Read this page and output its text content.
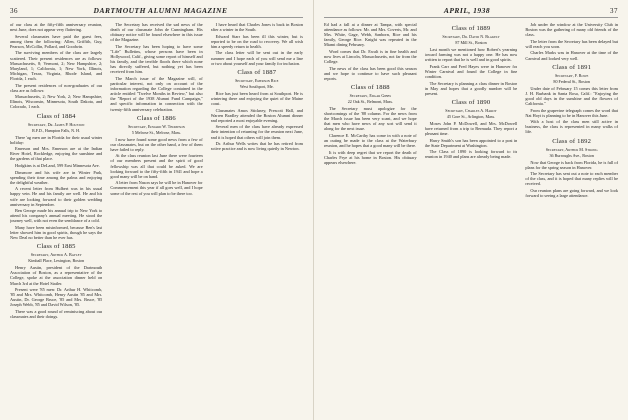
36	DARTMOUTH ALUMNI MAGAZINE

of our class at the fifty-fifth anniversary reunion, next June, does not appear very flattering.

Several classmates have paid the guest fees, among them the following: Allen, Griffith, Guy, Pearson, McCollin, Pollard, and Goodwin.

The surviving members of the class are largely scattered. Their present residences are as follows: Massachusetts, 8; Vermont, 2; New Hampshire, 2; Maryland, 1; California, 1; New York, Illinois, Michigan, Texas, Virginia, Rhode Island, and Florida, 1 each.

The present residences of non-graduates of our class are as follows:

Massachusetts, 2; New York, 2; New Hampshire, Illinois, Wisconsin, Minnesota, South Dakota, and Colorado, 1 each.

Class of 1884
Secretary, Dr. James P. Houston
R.F.D., Hampton Falls, N. H.

There 'ag men are in Florida for their usual winter holiday:

Emerson and Mrs. Emerson are at the Indian River Hotel, Rockledge, enjoying the sunshine and the gardens of that place.

Hodgkins is at DeLand, 599 East Minnesota Ave.

Dinsmore and his wife are in Winter Park, spending their time among the palms and enjoying the delightful weather.

A recent letter from Hulbert was in his usual happy vein. He and his family are well. He and his wife are looking forward to their golden wedding anniversary in September.

Ben George made his annual trip to New York to attend his company's annual meeting. He stood the journey well, with not even the semblance of a cold.

Many have been misinformed, because Ben's last letter showed him in good spirits, though he says the New Deal no better than he ever has.

Class of 1885
Secretary, Arthur A. Bayley
Kimball Place, Lexington, Boston

Henry Austin, president of the Dartmouth Association of Boston, as a representative of the College, spoke at the association dinner held on March 3rd at the Hotel Statler.

Present were '85 men: Dr. Arthur H. Whitcomb, '85 and Mrs. Whitcomb, Henry Austin '85 and Mrs. Austin, Dr. George Bruce, '85 and Mrs. Bruce, '85 Joseph Webb, '85 and David Wilson, '85.

There was a good round of reminiscing about our classmates and their doings.

The Secretary has received the sad news of the death of our classmate John de Cunningham. His obituary notice will be found elsewhere in this issue of the Magazine.

The Secretary has been hoping to have some "Life" Bulletins, whose persons have been in Hollywood, Calif., giving some report of himself and his family, and the terrible floods there which none has directly suffered, but nothing yet has been received from him.

The March issue of the Magazine will, of particular interest, not only on account of the information regarding the College contained in the article entitled "Twelve Months in Review," but also the "Report of the 1938 Alumni Fund Campaign," and specific information in connection with the twenty-fifth anniversary celebration.

Class of 1886
Secretary, Edward W. Thompson
5 Melrose St., Melrose, Mass.

I now have found some good news from a few of our classmates, but on the other hand, a few of them have failed to reply.

At the class reunion last June there were fourteen of our members present and the spirit of good fellowship was all that could be asked. We are looking forward to the fifty-fifth in 1941 and hope a good many will be on hand.

A letter from Nason says he will be in Hanover for Commencement this year if all goes well, and I hope some of the rest of you will plan to be there too.

I have heard that Charles Jones is back in Boston after a winter in the South.

Edward Starr has been ill this winter, but is reported to be on the road to recovery. We all wish him a speedy return to health.

The class letter will be sent out in the early summer and I hope each of you will send me a line or two about yourself and your family for inclusion.

Class of 1887
Secretary, Emerson Rice
West Southport, Me.

Rice has just been heard from at Southport. He is wintering there and enjoying the quiet of the Maine coast.

Classmates Amos Stickney, Prescott Hall, and Warren Bradley attended the Boston Alumni dinner and reported a most enjoyable evening.

Several men of the class have already expressed their intention of returning for the reunion next June, and it is hoped that others will join them.

Dr. Arthur Wells writes that he has retired from active practice and is now living quietly in Newton.

APRIL, 1938	37

Ed had a fall at a dinner at Tampa, with special attendance as follows: Mr. and Mrs. Coveris, Mr. and Mrs. White, Gage, Webb, Sanborn, Rice and his family, George Rice. Knight was repeated in the Miami dining February.

Word comes that Dr. Ewalt is in fine health and now lives at Lincoln, Massachusetts, not far from the College.

The news of the class has been good this season and we hope to continue to have such pleasant reports.

Class of 1888
Secretary, Edgar Gibbs
22 Oak St., Belmont, Mass.

The Secretary must apologize for the shortcomings of the '88 column. For the news from the March issue has been very scant, and we hope that men who have news of any sort will send it along for the next issue.

Clarence E. McCarthy has come in with a note of an outing he made to the class at the Waterbury reunion, and he hopes that a good many will be there.

It is with deep regret that we report the death of Charles Frye at his home in Boston. His obituary appears elsewhere.

Class of 1889
Secretary, Dr. David N. Blakely
87 Mill St., Boston

Last month we mentioned how Robert's yearning toward farming was not a happy one. He has now written to report that he is well and in good spirits.

Frank Carr and Fred Hayes were in Hanover for Winter Carnival and found the College in fine condition.

The Secretary is planning a class dinner in Boston in May and hopes that a goodly number will be present.

Class of 1890
Secretary, Charles A. Hardy
45 Gore St., Arlington, Mass.

Moses John P. McDowell, and Mrs. McDowell have returned from a trip to Bermuda. They report a pleasant time.

Harry Smith's son has been appointed to a post in the State Department at Washington.

The Class of 1890 is looking forward to its reunion in 1940 and plans are already being made.

Job under the window at the University Club in Boston was the gathering of many old friends of the class.

The letter from the Secretary has been delayed but will reach you soon.

Charles Marks was in Hanover at the time of the Carnival and looked very well.

Class of 1891
Secretary, F. Rowe
80 Federal St., Boston

Under date of February 15 comes this letter from J. H. Burbank in Santa Rosa, Calif.: "Enjoying the good old days in the sunshine and the flowers of California."

From the grapevine telegraph comes the word that Nat Hoyt is planning to be in Hanover this June.

With a host of the class men still active in business, the class is represented in many walks of life.

Class of 1892
Secretary, Arthur M. Strong
36 Burroughs Ave., Boston

Now that George is back from Florida, he is full of plans for the spring season in Hanover.

The Secretary has sent out a note to each member of the class, and it is hoped that many replies will be received.

Our reunion plans are going forward, and we look forward to seeing a large attendance.
